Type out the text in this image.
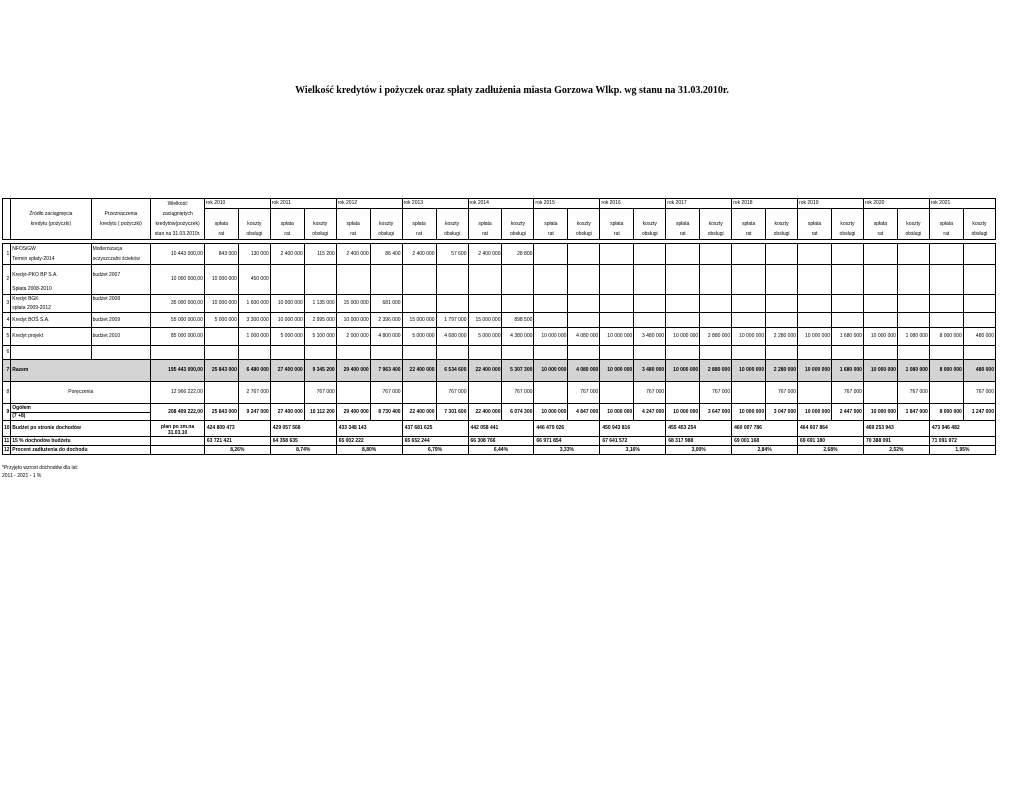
Wielkość kredytów i pożyczek oraz spłaty zadłużenia miasta Gorzowa Wlkp. wg stanu na 31.03.2010r.
			Wielkość	rok 2010		rok 2011		rok 2012		rok 2013		rok 2014		rok 2015		rok 2016		rok 2017		rok 2018		rok 2019		rok 2020		rok 2021	
	Źródło zaciągnięcia	Przeznaczenia	zaciągniętych																								
	kredytu (pożyczki)	kredytu ( pożyczki)	kredytów(pożyczek)	spłata	koszty	spłata	koszty	spłata	koszty	spłata	koszty	spłata	koszty	spłata	koszty	spłata	koszty	spłata	koszty	spłata	koszty	spłata	koszty	spłata	koszty	spłata	koszty
			stan na 31.03.2010r.	rat	obsługi	rat	obsługi	rat	obsługi	rat	obsługi	rat	obsługi	rat	obsługi	rat	obsługi	rat	obsługi	rat	obsługi	rat	obsługi	rat	obsługi	rat	obsługi

1	NFOSiGW	Modernizacja	10 443 000,00	843 000	130 000	2 400 000	115 200	2 400 000	86 400	2 400 000	57 600	2 400 000	28 800														
	Termin spłaty-2014	oczyszczalni ścieków																									
2	Kredyt-PKO BP S.A.	budżet 2007	10 000 000,00	10 000 000	450 000																						
	Spłata 2008-2010																										
3	Kredyt BGK	budżet 2008	35 000 000,00	10 000 000	1 600 000	10 000 000	1 135 000	15 000 000	681 000																		
	spłata 2009-2012																										
4	Kredyt BOŚ S.A.	budżet 2009	55 000 000,00	5 000 000	3 300 000	10 000 000	2 995 000	10 000 000	2 396 000	15 000 000	1 797 000	15 000 000	898 500														
5	Kredyt projekt	budżet 2010	85 000 000,00		1 000 000	5 000 000	5 100 000	2 000 000	4 800 000	5 000 000	4 680 000	5 000 000	4 380 000	10 000 000	4 080 000	10 000 000	3 480 000	10 000 000	2 880 000	10 000 000	2 280 000	10 000 000	1 680 000	10 000 000	1 080 000	8 000 000	480 000
6																											
7	Razem		195 443 000,00	25 843 000	6 480 000	27 400 000	9 345 200	29 400 000	7 963 400	22 400 000	6 534 600	22 400 000	5 307 300	10 000 000	4 080 000	10 000 000	3 480 000	10 000 000	2 880 000	10 000 000	2 280 000	10 000 000	1 680 000	10 000 000	1 080 000	8 000 000	480 000
8	Poręczenia		12 966 222,00		2 767 000		767 000		767 000		767 000		767 000		767 000		767 000		767 000		767 000		767 000		767 000		767 000
9	Ogółem		208 409 222,00	25 843 000	9 247 000	27 400 000	10 112 200	29 400 000	8 730 400	22 400 000	7 301 600	22 400 000	6 074 300	10 000 000	4 847 000	10 000 000	4 247 000	10 000 000	3 647 000	10 000 000	3 047 000	10 000 000	2 447 000	10 000 000	1 847 000	8 000 000	1 247 000
	(7 +8)																										
10	Budżet po stronie dochodów		plan po zm.na
31.03.10	424 809 473		429 057 568		433 348 143		437 681 625		442 058 441		446 479 026		450 943 816		455 453 254		460 007 786		464 607 864		469 253 943		473 946 482	
11	15 % dochodów budżetu			63 721 421		64 358 635		65 002 222		65 652 244		66 308 766		66 971 854		67 641 572		68 317 988		69 001 168		69 691 180		70 388 091		71 091 972	
12	Procent zadłużenia do dochodu			8,26%		8,74%		8,80%		6,79%		6,44%		3,33%		3,16%		3,00%		2,84%		2,68%		2,52%		1,95%	
*Przyjęto wzrost dochodów dla lat:
2011 - 2021 - 1 %
